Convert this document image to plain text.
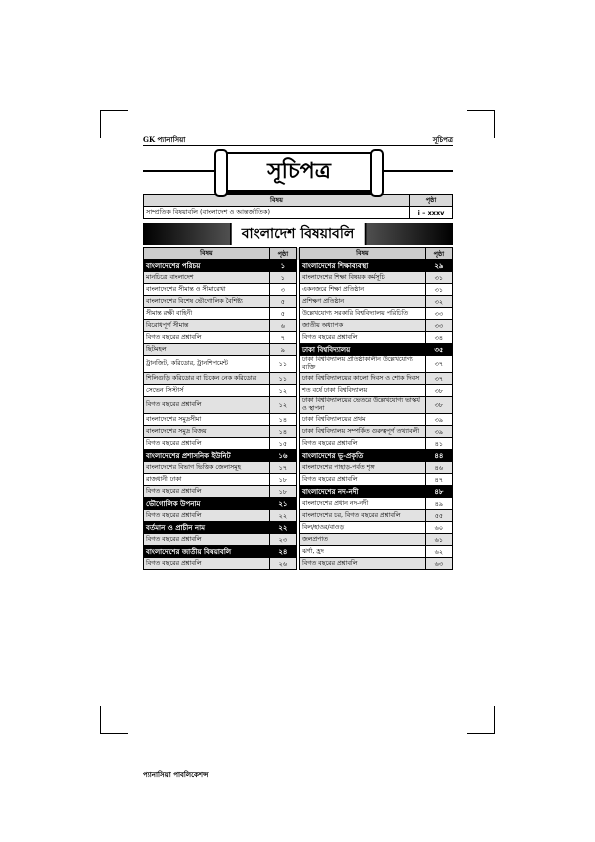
GK প্যানাসিয়া	সূচিপত্র
সূচিপত্র
বিষয়	পৃষ্ঠা
সাম্প্রতিক বিষয়াবলি (বাংলাদেশ ও আন্তর্জাতিক)	i – xxxv
বাংলাদেশ বিষয়াবলি
বিষয়	পৃষ্ঠা		বিষয়	পৃষ্ঠা
বাংলাদেশের পরিচয়	১		বাংলাদেশের শিক্ষাব্যবস্থা	২৯
মানচিত্রে বাংলাদেশ	১		বাংলাদেশের শিক্ষা বিষয়ক কর্মসূচি	৩১
বাংলাদেশের সীমান্ত ও সীমারেখা	৩		একনজরে শিক্ষা প্রতিষ্ঠান	৩১
বাংলাদেশের বিশেষ ভৌগোলিক বৈশিষ্ট্য	৫		প্রশিক্ষণ প্রতিষ্ঠান	৩২
সীমান্ত রক্ষী বাহিনী	৫		উল্লেখযোগ্য সরকারি বিশ্ববিদ্যালয় পরিচিতি	৩৩
বিরোধপূর্ণ সীমান্ত	৬		জাতীয় অধ্যাপক	৩৩
বিগত বছরের প্রশ্নাবলি	৭		বিগত বছরের প্রশ্নাবলি	৩৪
ছিটমহল	৯		ঢাকা বিশ্ববিদ্যালয়	৩৫
ট্রানজিট, করিডোর, ট্রানশিপমেন্ট	১১		ঢাকা বিশ্ববিদ্যালয় প্রতিষ্ঠাকালীন উল্লেখযোগ্য ব্যক্তি	৩৭
শিলিগুড়ি করিডোর বা চিকেন নেক করিডোর	১১		ঢাকা বিশ্ববিদ্যালয়ের কালো দিবস ও শোক দিবস	৩৭
সেভেন সিস্টার্স	১২		শত বর্ষে ঢাকা বিশ্ববিদ্যালয়	৩৮
বিগত বছরের প্রশ্নাবলি	১২		ঢাকা বিশ্ববিদ্যালয়ের ভেতরে উল্লেখযোগ্য ভাস্কর্য ও স্থাপনা	৩৮
বাংলাদেশের সমুদ্রসীমা	১৪		ঢাকা বিশ্ববিদ্যালয়ের প্রথম	৩৯
বাংলাদেশের সমুদ্র বিজয়	১৪		ঢাকা বিশ্ববিদ্যালয় সম্পর্কিত গুরুত্বপূর্ণ তথ্যাবলী	৩৯
বিগত বছরের প্রশ্নাবলি	১৫		বিগত বছরের প্রশ্নাবলি	৪১
বাংলাদেশের প্রশাসনিক ইউনিট	১৬		বাংলাদেশের ভূ-প্রকৃতি	৪৪
বাংলাদেশের বিভাগ ভিত্তিক জেলাসমূহ	১৭		বাংলাদেশের পাহাড়-পর্বত শৃঙ্গ	৪৬
রাজধানী ঢাকা	১৮		বিগত বছরের প্রশ্নাবলি	৪৭
বিগত বছরের প্রশ্নাবলি	১৮		বাংলাদেশের নদ-নদী	৪৮
ভৌগোলিক উপনাম	২১		বাংলাদেশের প্রধান নদ-নদী	৪৯
বিগত বছরের প্রশ্নাবলি	২২		বাংলাদেশের চর, বিগত বছরের প্রশ্নাবলি	৫৫
বর্তমান ও প্রাচীন নাম	২২		বিল/হাওর/বাওড়	৬০
বিগত বছরের প্রশ্নাবলি	২৩		জলপ্রপাত	৬১
বাংলাদেশের জাতীয় বিষয়াবলি	২৪		ঝর্ণা, হ্রদ	৬২
বিগত বছরের প্রশ্নাবলি	২৬		বিগত বছরের প্রশ্নাবলি	৬৩
প্যানাসিয়া পাবলিকেশন্স
